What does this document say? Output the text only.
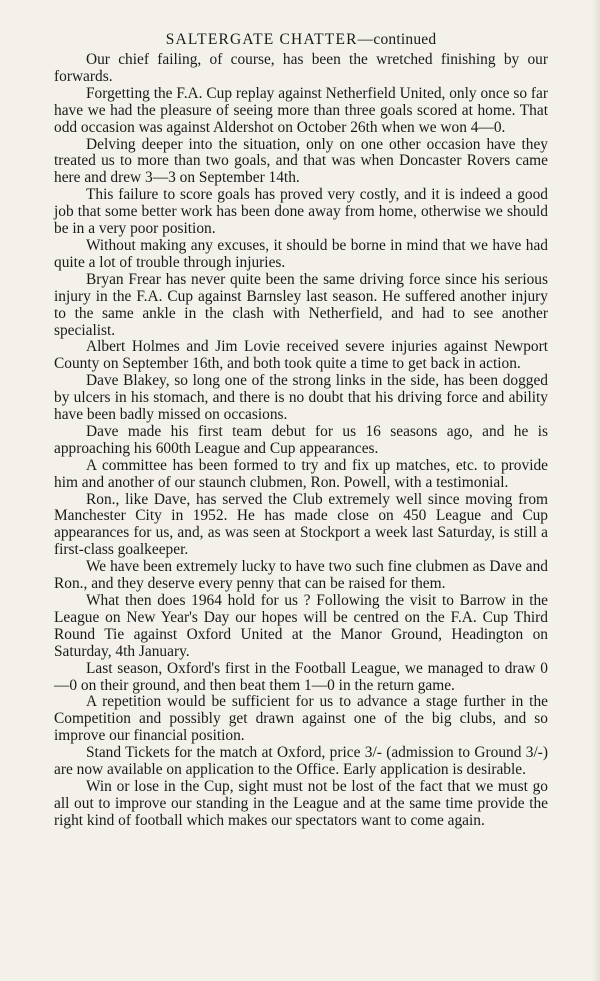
SALTERGATE CHATTER—continued

Our chief failing, of course, has been the wretched finishing by our forwards.

Forgetting the F.A. Cup replay against Netherfield United, only once so far have we had the pleasure of seeing more than three goals scored at home. That odd occasion was against Aldershot on October 26th when we won 4—0.

Delving deeper into the situation, only on one other occasion have they treated us to more than two goals, and that was when Doncaster Rovers came here and drew 3—3 on September 14th.

This failure to score goals has proved very costly, and it is indeed a good job that some better work has been done away from home, otherwise we should be in a very poor position.

Without making any excuses, it should be borne in mind that we have had quite a lot of trouble through injuries.

Bryan Frear has never quite been the same driving force since his serious injury in the F.A. Cup against Barnsley last season. He suffered another injury to the same ankle in the clash with Netherfield, and had to see another specialist.

Albert Holmes and Jim Lovie received severe injuries against Newport County on September 16th, and both took quite a time to get back in action.

Dave Blakey, so long one of the strong links in the side, has been dogged by ulcers in his stomach, and there is no doubt that his driving force and ability have been badly missed on occasions.

Dave made his first team debut for us 16 seasons ago, and he is approaching his 600th League and Cup appearances.

A committee has been formed to try and fix up matches, etc. to provide him and another of our staunch clubmen, Ron. Powell, with a testimonial.

Ron., like Dave, has served the Club extremely well since moving from Manchester City in 1952. He has made close on 450 League and Cup appearances for us, and, as was seen at Stockport a week last Saturday, is still a first-class goalkeeper.

We have been extremely lucky to have two such fine clubmen as Dave and Ron., and they deserve every penny that can be raised for them.

What then does 1964 hold for us ? Following the visit to Barrow in the League on New Year's Day our hopes will be centred on the F.A. Cup Third Round Tie against Oxford United at the Manor Ground, Headington on Saturday, 4th January.

Last season, Oxford's first in the Football League, we managed to draw 0—0 on their ground, and then beat them 1—0 in the return game.

A repetition would be sufficient for us to advance a stage further in the Competition and possibly get drawn against one of the big clubs, and so improve our financial position.

Stand Tickets for the match at Oxford, price 3/- (admission to Ground 3/-) are now available on application to the Office. Early application is desirable.

Win or lose in the Cup, sight must not be lost of the fact that we must go all out to improve our standing in the League and at the same time provide the right kind of football which makes our spectators want to come again.
